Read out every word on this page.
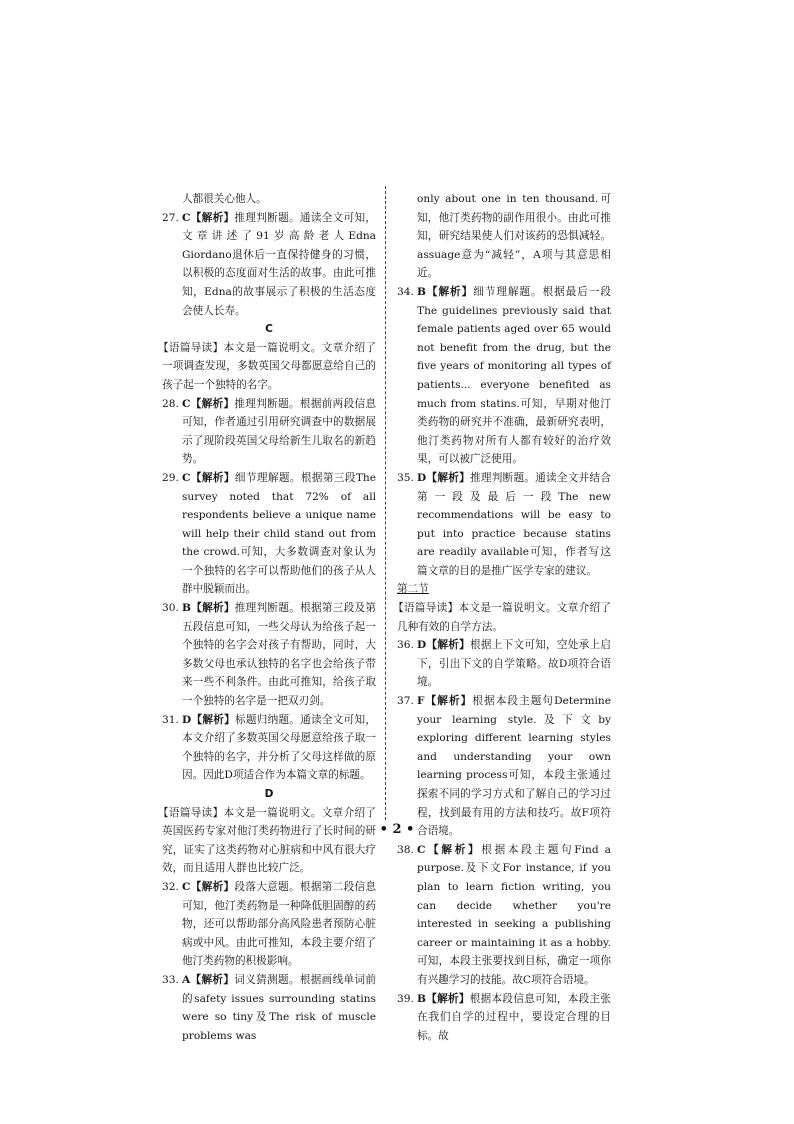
人都很关心他人。

27. C【解析】推理判断题。通读全文可知，文章讲述了91岁高龄老人Edna Giordano退休后一直保持健身的习惯，以积极的态度面对生活的故事。由此可推知，Edna的故事展示了积极的生活态度会使人长寿。

C

【语篇导读】本文是一篇说明文。文章介绍了一项调查发现，多数英国父母都愿意给自己的孩子起一个独特的名字。

28. C【解析】推理判断题。根据前两段信息可知，作者通过引用研究调查中的数据展示了现阶段英国父母给新生儿取名的新趋势。

29. C【解析】细节理解题。根据第三段The survey noted that 72% of all respondents believe a unique name will help their child stand out from the crowd.可知，大多数调查对象认为一个独特的名字可以帮助他们的孩子从人群中脱颖而出。

30. B【解析】推理判断题。根据第三段及第五段信息可知，一些父母认为给孩子起一个独特的名字会对孩子有帮助，同时，大多数父母也承认独特的名字也会给孩子带来一些不利条件。由此可推知，给孩子取一个独特的名字是一把双刃剑。

31. D【解析】标题归纳题。通读全文可知，本文介绍了多数英国父母愿意给孩子取一个独特的名字，并分析了父母这样做的原因。因此D项适合作为本篇文章的标题。

D

【语篇导读】本文是一篇说明文。文章介绍了英国医药专家对他汀类药物进行了长时间的研究，证实了这类药物对心脏病和中风有很大疗效，而且适用人群也比较广泛。

32. C【解析】段落大意题。根据第二段信息可知，他汀类药物是一种降低胆固醇的药物，还可以帮助部分高风险患者预防心脏病或中风。由此可推知，本段主要介绍了他汀类药物的积极影响。

33. A【解析】词义猜测题。根据画线单词前的safety issues surrounding statins were so tiny及The risk of muscle problems was

only about one in ten thousand.可知，他汀类药物的副作用很小。由此可推知，研究结果使人们对该药的恐惧减轻。assuage意为“减轻”，A项与其意思相近。

34. B【解析】细节理解题。根据最后一段The guidelines previously said that female patients aged over 65 would not benefit from the drug, but the five years of monitoring all types of patients... everyone benefited as much from statins.可知，早期对他汀类药物的研究并不准确，最新研究表明，他汀类药物对所有人都有较好的治疗效果，可以被广泛使用。

35. D【解析】推理判断题。通读全文并结合第一段及最后一段The new recommendations will be easy to put into practice because statins are readily available可知，作者写这篇文章的目的是推广医学专家的建议。

第二节

【语篇导读】本文是一篇说明文。文章介绍了几种有效的自学方法。

36. D【解析】根据上下文可知，空处承上启下，引出下文的自学策略。故D项符合语境。

37. F【解析】根据本段主题句Determine your learning style.及下文by exploring different learning styles and understanding your own learning process可知，本段主张通过探索不同的学习方式和了解自己的学习过程，找到最有用的方法和技巧。故F项符合语境。

38. C【解析】根据本段主题句Find a purpose.及下文For instance, if you plan to learn fiction writing, you can decide whether you're interested in seeking a publishing career or maintaining it as a hobby.可知，本段主张要找到目标，确定一项你有兴趣学习的技能。故C项符合语境。

39. B【解析】根据本段信息可知，本段主张在我们自学的过程中，要设定合理的目标。故

• 2 •
